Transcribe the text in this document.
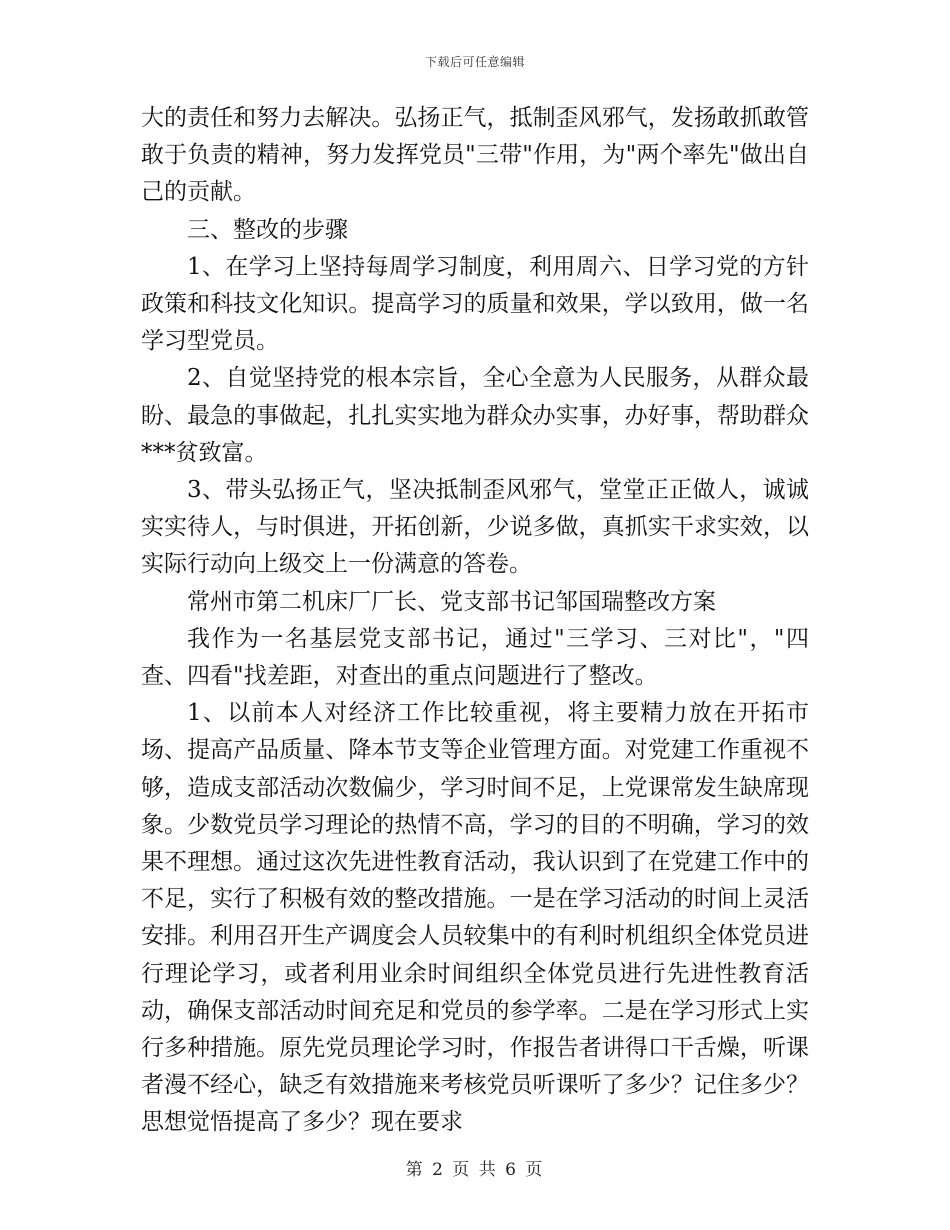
下载后可任意编辑

大的责任和努力去解决。弘扬正气，抵制歪风邪气，发扬敢抓敢管敢于负责的精神，努力发挥党员"三带"作用，为"两个率先"做出自己的贡献。

三、整改的步骤

1、在学习上坚持每周学习制度，利用周六、日学习党的方针政策和科技文化知识。提高学习的质量和效果，学以致用，做一名学习型党员。

2、自觉坚持党的根本宗旨，全心全意为人民服务，从群众最盼、最急的事做起，扎扎实实地为群众办实事，办好事，帮助群众***贫致富。

3、带头弘扬正气，坚决抵制歪风邪气，堂堂正正做人，诚诚实实待人，与时俱进，开拓创新，少说多做，真抓实干求实效，以实际行动向上级交上一份满意的答卷。

常州市第二机床厂厂长、党支部书记邹国瑞整改方案

我作为一名基层党支部书记，通过"三学习、三对比"，"四查、四看"找差距，对查出的重点问题进行了整改。

1、以前本人对经济工作比较重视，将主要精力放在开拓市场、提高产品质量、降本节支等企业管理方面。对党建工作重视不够，造成支部活动次数偏少，学习时间不足，上党课常发生缺席现象。少数党员学习理论的热情不高，学习的目的不明确，学习的效果不理想。通过这次先进性教育活动，我认识到了在党建工作中的不足，实行了积极有效的整改措施。一是在学习活动的时间上灵活安排。利用召开生产调度会人员较集中的有利时机组织全体党员进行理论学习，或者利用业余时间组织全体党员进行先进性教育活动，确保支部活动时间充足和党员的参学率。二是在学习形式上实行多种措施。原先党员理论学习时，作报告者讲得口干舌燥，听课者漫不经心，缺乏有效措施来考核党员听课听了多少？记住多少？思想觉悟提高了多少？现在要求

第 2 页 共 6 页
